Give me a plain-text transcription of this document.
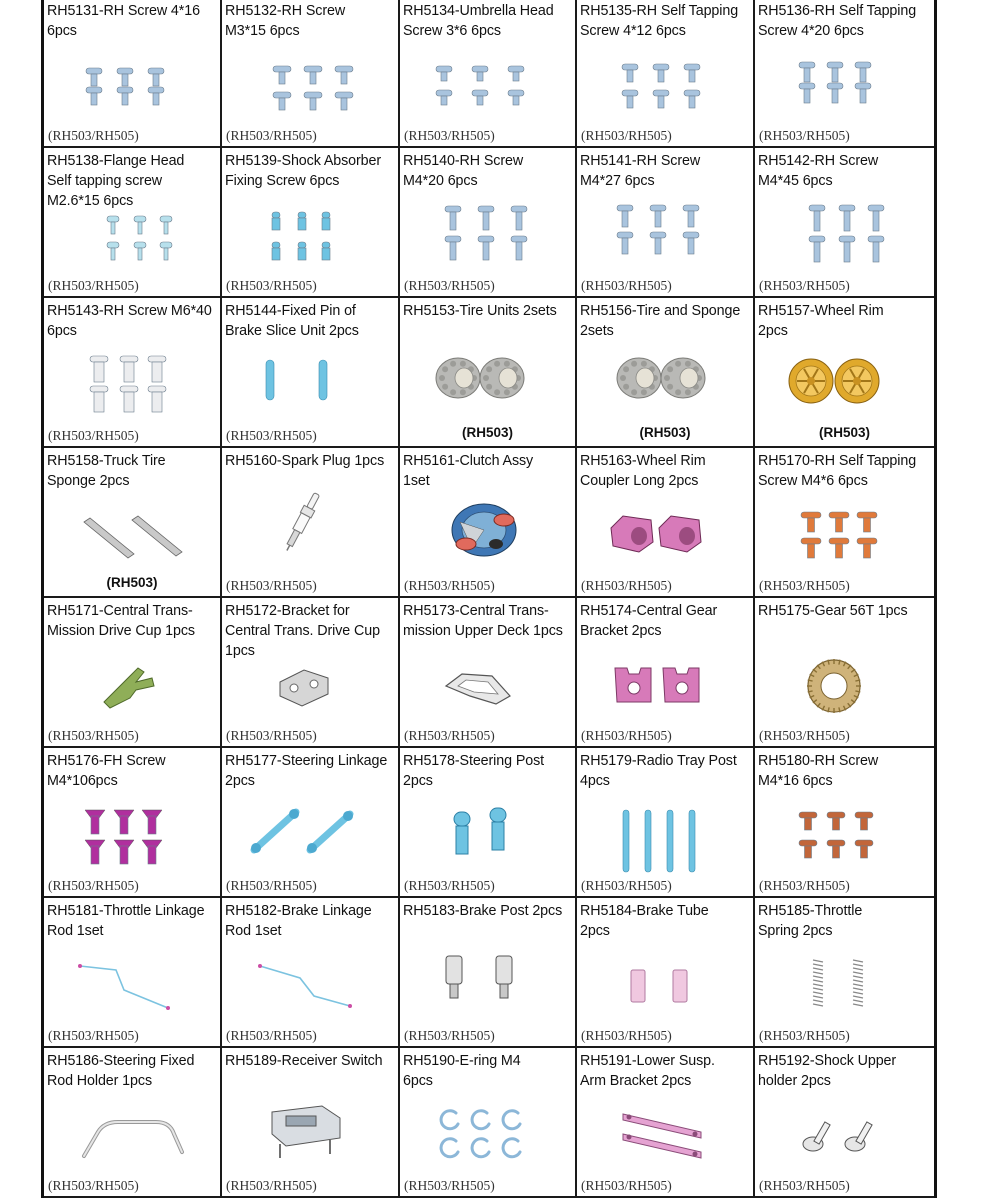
RH5131-RH Screw 4*16
6pcs
(RH503/RH505)
RH5132-RH Screw
M3*15 6pcs
(RH503/RH505)
RH5134-Umbrella Head
Screw 3*6 6pcs
(RH503/RH505)
RH5135-RH Self Tapping
Screw 4*12 6pcs
(RH503/RH505)
RH5136-RH Self Tapping
Screw 4*20 6pcs
(RH503/RH505)
RH5138-Flange Head
Self tapping screw
M2.6*15 6pcs
(RH503/RH505)
RH5139-Shock Absorber
Fixing Screw 6pcs
(RH503/RH505)
RH5140-RH Screw
M4*20 6pcs
(RH503/RH505)
RH5141-RH Screw
M4*27 6pcs
(RH503/RH505)
RH5142-RH Screw
M4*45 6pcs
(RH503/RH505)
RH5143-RH Screw M6*40
6pcs
(RH503/RH505)
RH5144-Fixed Pin of
Brake Slice Unit 2pcs
(RH503/RH505)
RH5153-Tire Units 2sets
(RH503)
RH5156-Tire and Sponge
2sets
(RH503)
RH5157-Wheel Rim
2pcs
(RH503)
RH5158-Truck Tire
Sponge 2pcs
(RH503)
RH5160-Spark Plug 1pcs
(RH503/RH505)
RH5161-Clutch Assy
1set
(RH503/RH505)
RH5163-Wheel Rim
Coupler Long 2pcs
(RH503/RH505)
RH5170-RH Self Tapping
Screw M4*6 6pcs
(RH503/RH505)
RH5171-Central Trans-
Mission Drive Cup 1pcs
(RH503/RH505)
RH5172-Bracket for
Central Trans. Drive Cup
1pcs
(RH503/RH505)
RH5173-Central Trans-
mission Upper Deck 1pcs
(RH503/RH505)
RH5174-Central Gear
Bracket 2pcs
(RH503/RH505)
RH5175-Gear 56T 1pcs
(RH503/RH505)
RH5176-FH Screw
M4*106pcs
(RH503/RH505)
RH5177-Steering Linkage
2pcs
(RH503/RH505)
RH5178-Steering Post
2pcs
(RH503/RH505)
RH5179-Radio Tray Post
4pcs
(RH503/RH505)
RH5180-RH Screw
M4*16 6pcs
(RH503/RH505)
RH5181-Throttle Linkage
Rod 1set
(RH503/RH505)
RH5182-Brake Linkage
Rod 1set
(RH503/RH505)
RH5183-Brake Post 2pcs
(RH503/RH505)
RH5184-Brake Tube
2pcs
(RH503/RH505)
RH5185-Throttle
Spring 2pcs
(RH503/RH505)
RH5186-Steering Fixed
Rod Holder 1pcs
(RH503/RH505)
RH5189-Receiver Switch
(RH503/RH505)
RH5190-E-ring M4
6pcs
(RH503/RH505)
RH5191-Lower Susp.
Arm Bracket 2pcs
(RH503/RH505)
RH5192-Shock Upper
holder 2pcs
(RH503/RH505)
